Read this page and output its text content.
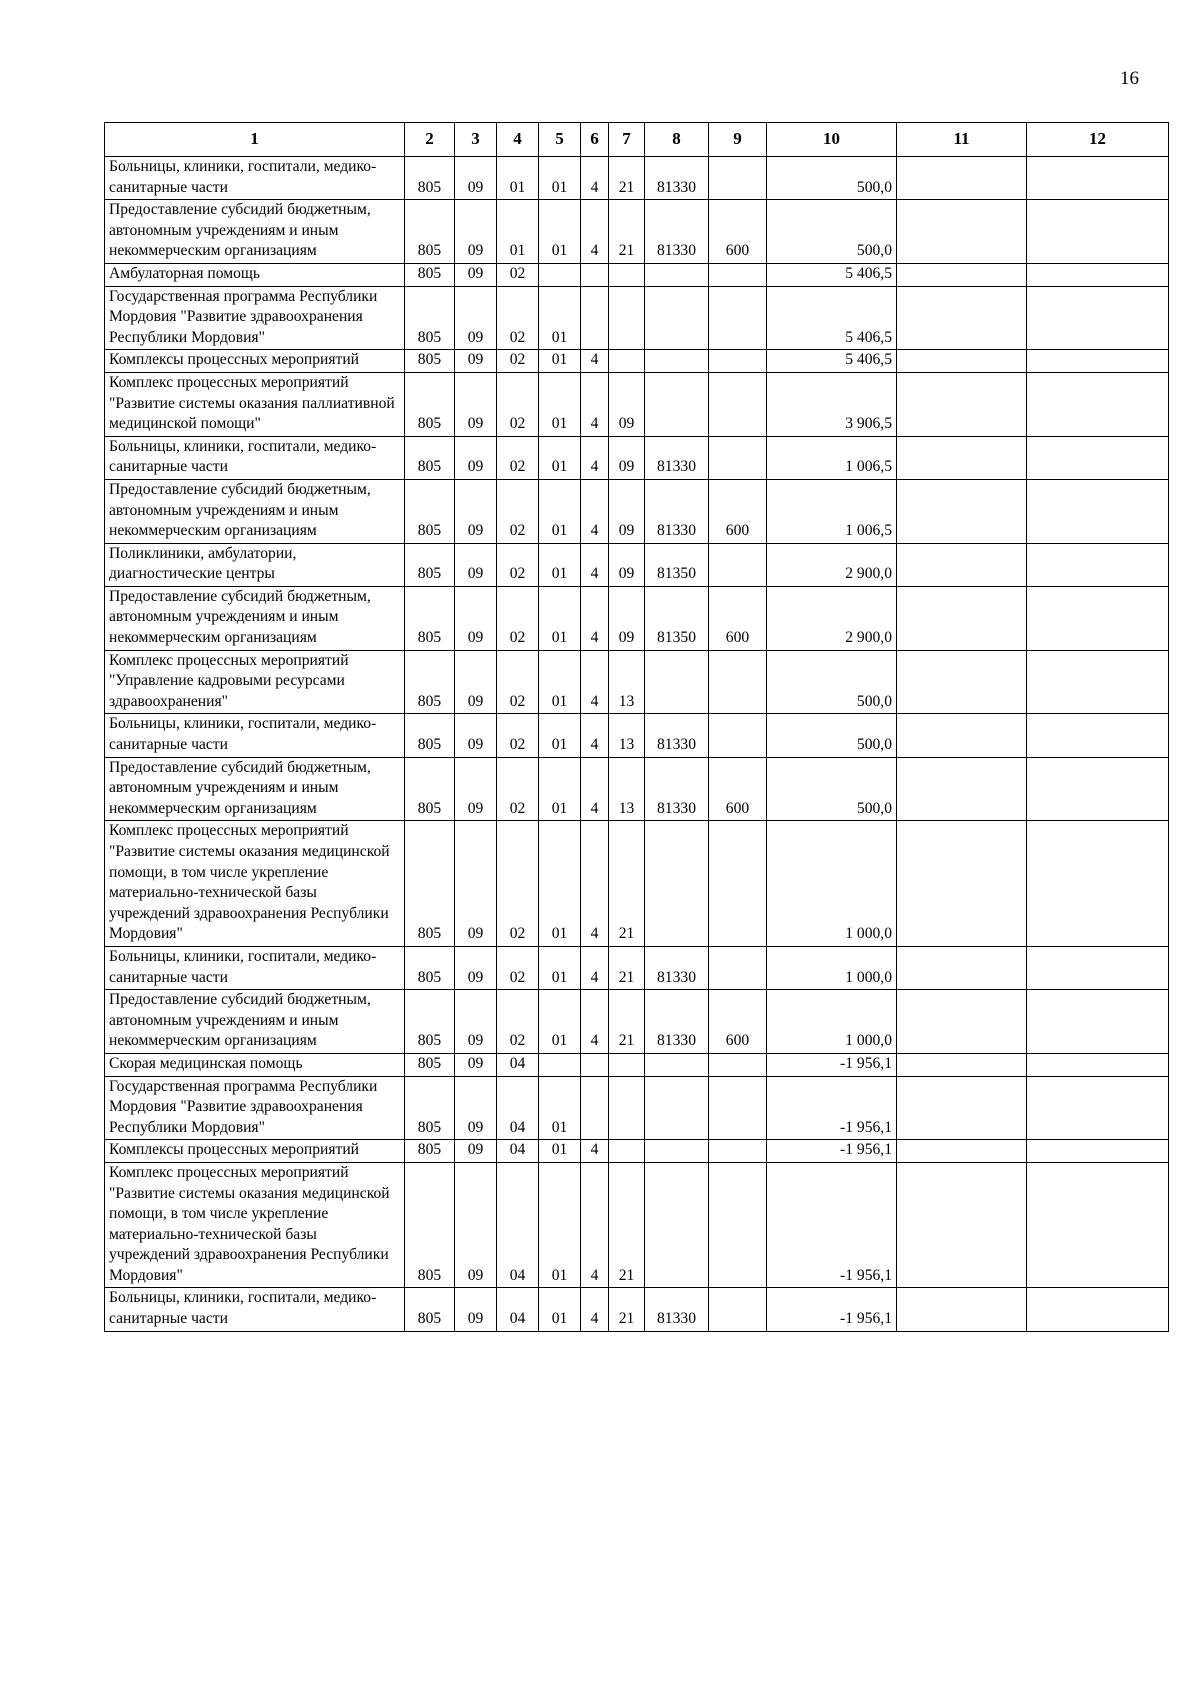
16
1	2	3	4	5	6	7	8	9	10	11	12
Больницы, клиники, госпитали, медико-санитарные части	805	09	01	01	4	21	81330		500,0		
Предоставление субсидий бюджетным, автономным учреждениям и иным некоммерческим организациям	805	09	01	01	4	21	81330	600	500,0		
Амбулаторная помощь	805	09	02						5 406,5		
Государственная программа Республики Мордовия "Развитие здравоохранения Республики Мордовия"	805	09	02	01					5 406,5		
Комплексы процессных мероприятий	805	09	02	01	4				5 406,5		
Комплекс процессных мероприятий "Развитие системы оказания паллиативной медицинской помощи"	805	09	02	01	4	09			3 906,5		
Больницы, клиники, госпитали, медико-санитарные части	805	09	02	01	4	09	81330		1 006,5		
Предоставление субсидий бюджетным, автономным учреждениям и иным некоммерческим организациям	805	09	02	01	4	09	81330	600	1 006,5		
Поликлиники, амбулатории, диагностические центры	805	09	02	01	4	09	81350		2 900,0		
Предоставление субсидий бюджетным, автономным учреждениям и иным некоммерческим организациям	805	09	02	01	4	09	81350	600	2 900,0		
Комплекс процессных мероприятий "Управление кадровыми ресурсами здравоохранения"	805	09	02	01	4	13			500,0		
Больницы, клиники, госпитали, медико-санитарные части	805	09	02	01	4	13	81330		500,0		
Предоставление субсидий бюджетным, автономным учреждениям и иным некоммерческим организациям	805	09	02	01	4	13	81330	600	500,0		
Комплекс процессных мероприятий "Развитие системы оказания медицинской помощи, в том числе укрепление материально-технической базы учреждений здравоохранения Республики Мордовия"	805	09	02	01	4	21			1 000,0		
Больницы, клиники, госпитали, медико-санитарные части	805	09	02	01	4	21	81330		1 000,0		
Предоставление субсидий бюджетным, автономным учреждениям и иным некоммерческим организациям	805	09	02	01	4	21	81330	600	1 000,0		
Скорая медицинская помощь	805	09	04						-1 956,1		
Государственная программа Республики Мордовия "Развитие здравоохранения Республики Мордовия"	805	09	04	01					-1 956,1		
Комплексы процессных мероприятий	805	09	04	01	4				-1 956,1		
Комплекс процессных мероприятий "Развитие системы оказания медицинской помощи, в том числе укрепление материально-технической базы учреждений здравоохранения Республики Мордовия"	805	09	04	01	4	21			-1 956,1		
Больницы, клиники, госпитали, медико-санитарные части	805	09	04	01	4	21	81330		-1 956,1		
